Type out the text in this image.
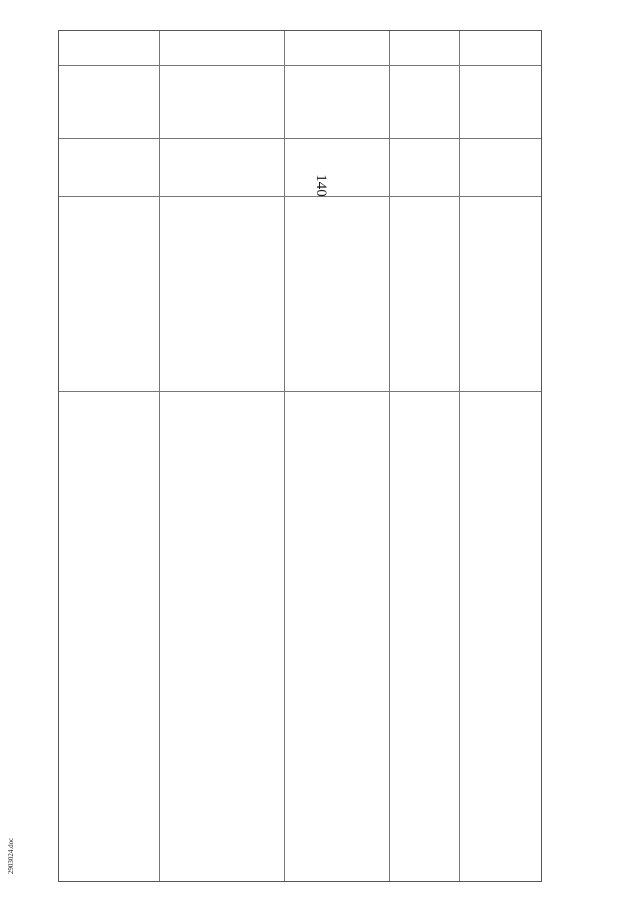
140
2903024.doc
